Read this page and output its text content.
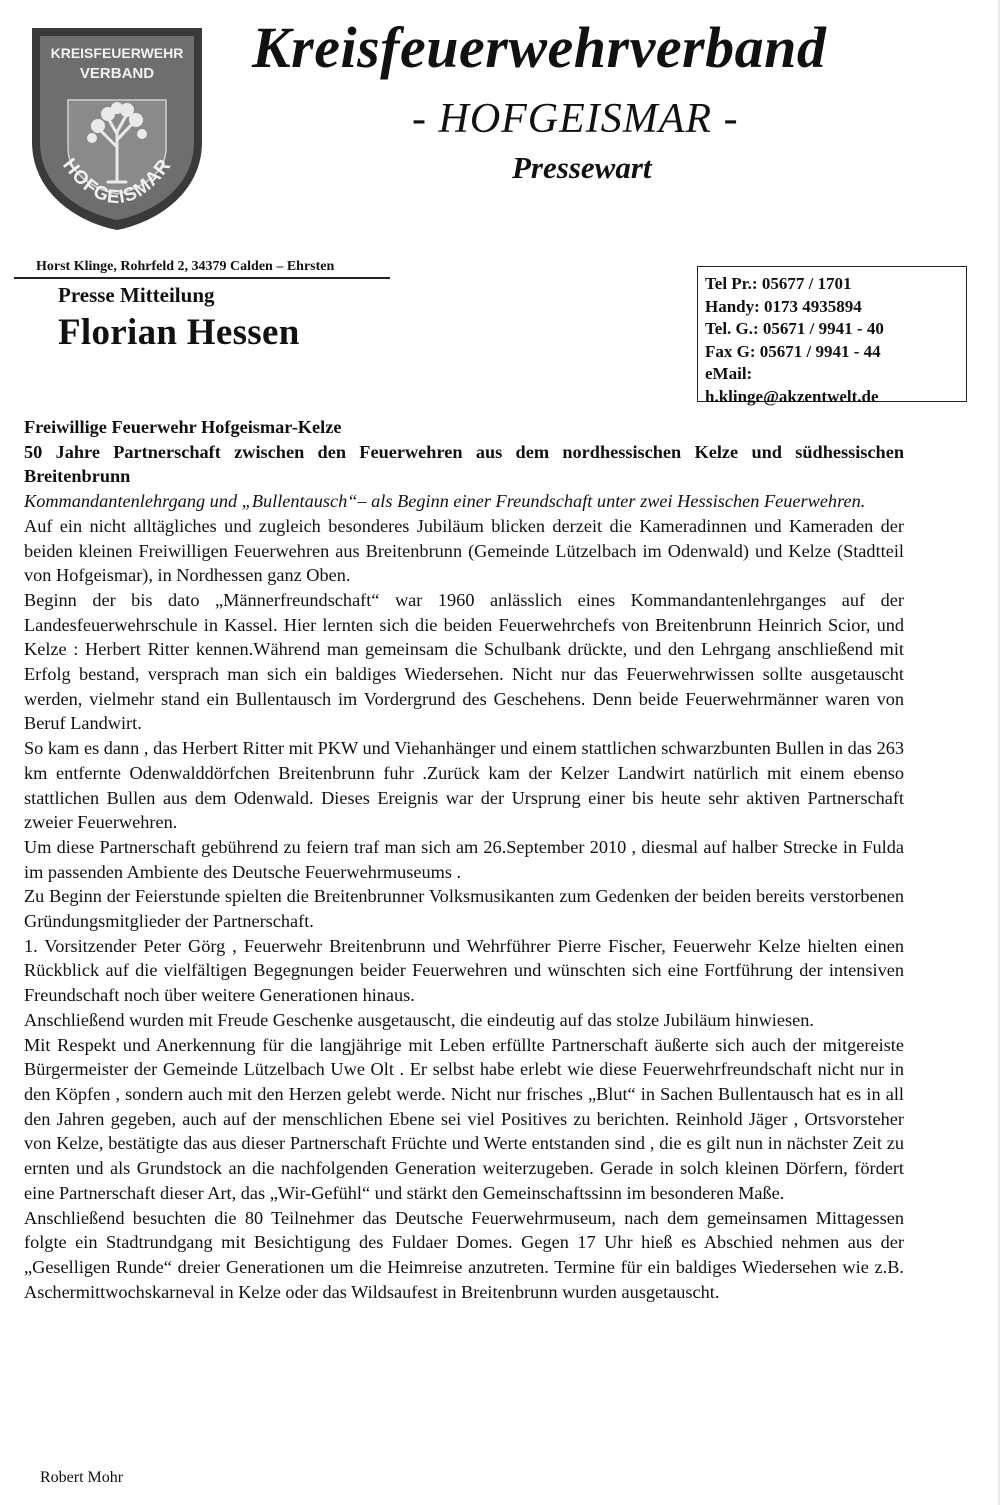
KREISFEUERWEHR
VERBAND
HOFGEISMAR
Kreisfeuerwehrverband
- HOFGEISMAR -
Pressewart
Horst Klinge, Rohrfeld 2, 34379 Calden – Ehrsten
Tel Pr.: 05677 / 1701
Handy: 0173 4935894
Tel. G.: 05671 / 9941 - 40
Fax G: 05671 / 9941 - 44
eMail:
h.klinge@akzentwelt.de
Presse Mitteilung
Florian Hessen

Freiwillige Feuerwehr Hofgeismar-Kelze

50 Jahre Partnerschaft zwischen den Feuerwehren aus dem nordhessischen Kelze und südhessischen Breitenbrunn

Kommandantenlehrgang und „Bullentausch“– als Beginn einer Freundschaft unter zwei Hessischen Feuerwehren.

Auf ein nicht alltägliches und zugleich besonderes Jubiläum blicken derzeit die Kameradinnen und Kameraden der beiden kleinen Freiwilligen Feuerwehren aus Breitenbrunn (Gemeinde Lützelbach im Odenwald) und Kelze (Stadtteil von Hofgeismar), in Nordhessen ganz Oben.

Beginn der bis dato „Männerfreundschaft“ war 1960 anlässlich eines Kommandantenlehrganges auf der Landesfeuerwehrschule in Kassel. Hier lernten sich die beiden Feuerwehrchefs von Breitenbrunn Heinrich Scior, und Kelze : Herbert Ritter kennen.Während man gemeinsam die Schulbank drückte, und den Lehrgang anschließend mit Erfolg bestand, versprach man sich ein baldiges Wiedersehen. Nicht nur das Feuerwehrwissen sollte ausgetauscht werden, vielmehr stand ein Bullentausch im Vordergrund des Geschehens. Denn beide Feuerwehrmänner waren von Beruf Landwirt.

So kam es dann , das Herbert Ritter mit PKW und Viehanhänger und einem stattlichen schwarzbunten Bullen in das 263 km entfernte Odenwalddörfchen Breitenbrunn fuhr .Zurück kam der Kelzer Landwirt natürlich mit einem ebenso stattlichen Bullen aus dem Odenwald. Dieses Ereignis war der Ursprung einer bis heute sehr aktiven Partnerschaft zweier Feuerwehren.

Um diese Partnerschaft gebührend zu feiern traf man sich am 26.September 2010 , diesmal auf halber Strecke in Fulda im passenden Ambiente des Deutsche Feuerwehrmuseums .

Zu Beginn der Feierstunde spielten die Breitenbrunner Volksmusikanten zum Gedenken der beiden bereits verstorbenen Gründungsmitglieder der Partnerschaft.

1. Vorsitzender Peter Görg , Feuerwehr Breitenbrunn und Wehrführer Pierre Fischer, Feuerwehr Kelze hielten einen Rückblick auf die vielfältigen Begegnungen beider Feuerwehren und wünschten sich eine Fortführung der intensiven Freundschaft noch über weitere Generationen hinaus.

Anschließend wurden mit Freude Geschenke ausgetauscht, die eindeutig auf das stolze Jubiläum hinwiesen.

Mit Respekt und Anerkennung für die langjährige mit Leben erfüllte Partnerschaft äußerte sich auch der mitgereiste Bürgermeister der Gemeinde Lützelbach Uwe Olt . Er selbst habe erlebt wie diese Feuerwehrfreundschaft nicht nur in den Köpfen , sondern auch mit den Herzen gelebt werde. Nicht nur frisches „Blut“ in Sachen Bullentausch hat es in all den Jahren gegeben, auch auf der menschlichen Ebene sei viel Positives zu berichten. Reinhold Jäger , Ortsvorsteher von Kelze, bestätigte das aus dieser Partnerschaft Früchte und Werte entstanden sind , die es gilt nun in nächster Zeit zu ernten und als Grundstock an die nachfolgenden Generation weiterzugeben. Gerade in solch kleinen Dörfern, fördert eine Partnerschaft dieser Art, das „Wir-Gefühl“ und stärkt den Gemeinschaftssinn im besonderen Maße.

Anschließend besuchten die 80 Teilnehmer das Deutsche Feuerwehrmuseum, nach dem gemeinsamen Mittagessen folgte ein Stadtrundgang mit Besichtigung des Fuldaer Domes. Gegen 17 Uhr hieß es Abschied nehmen aus der „Geselligen Runde“ dreier Generationen um die Heimreise anzutreten. Termine für ein baldiges Wiedersehen wie z.B. Aschermittwochskarneval in Kelze oder das Wildsaufest in Breitenbrunn wurden ausgetauscht.

Robert Mohr
